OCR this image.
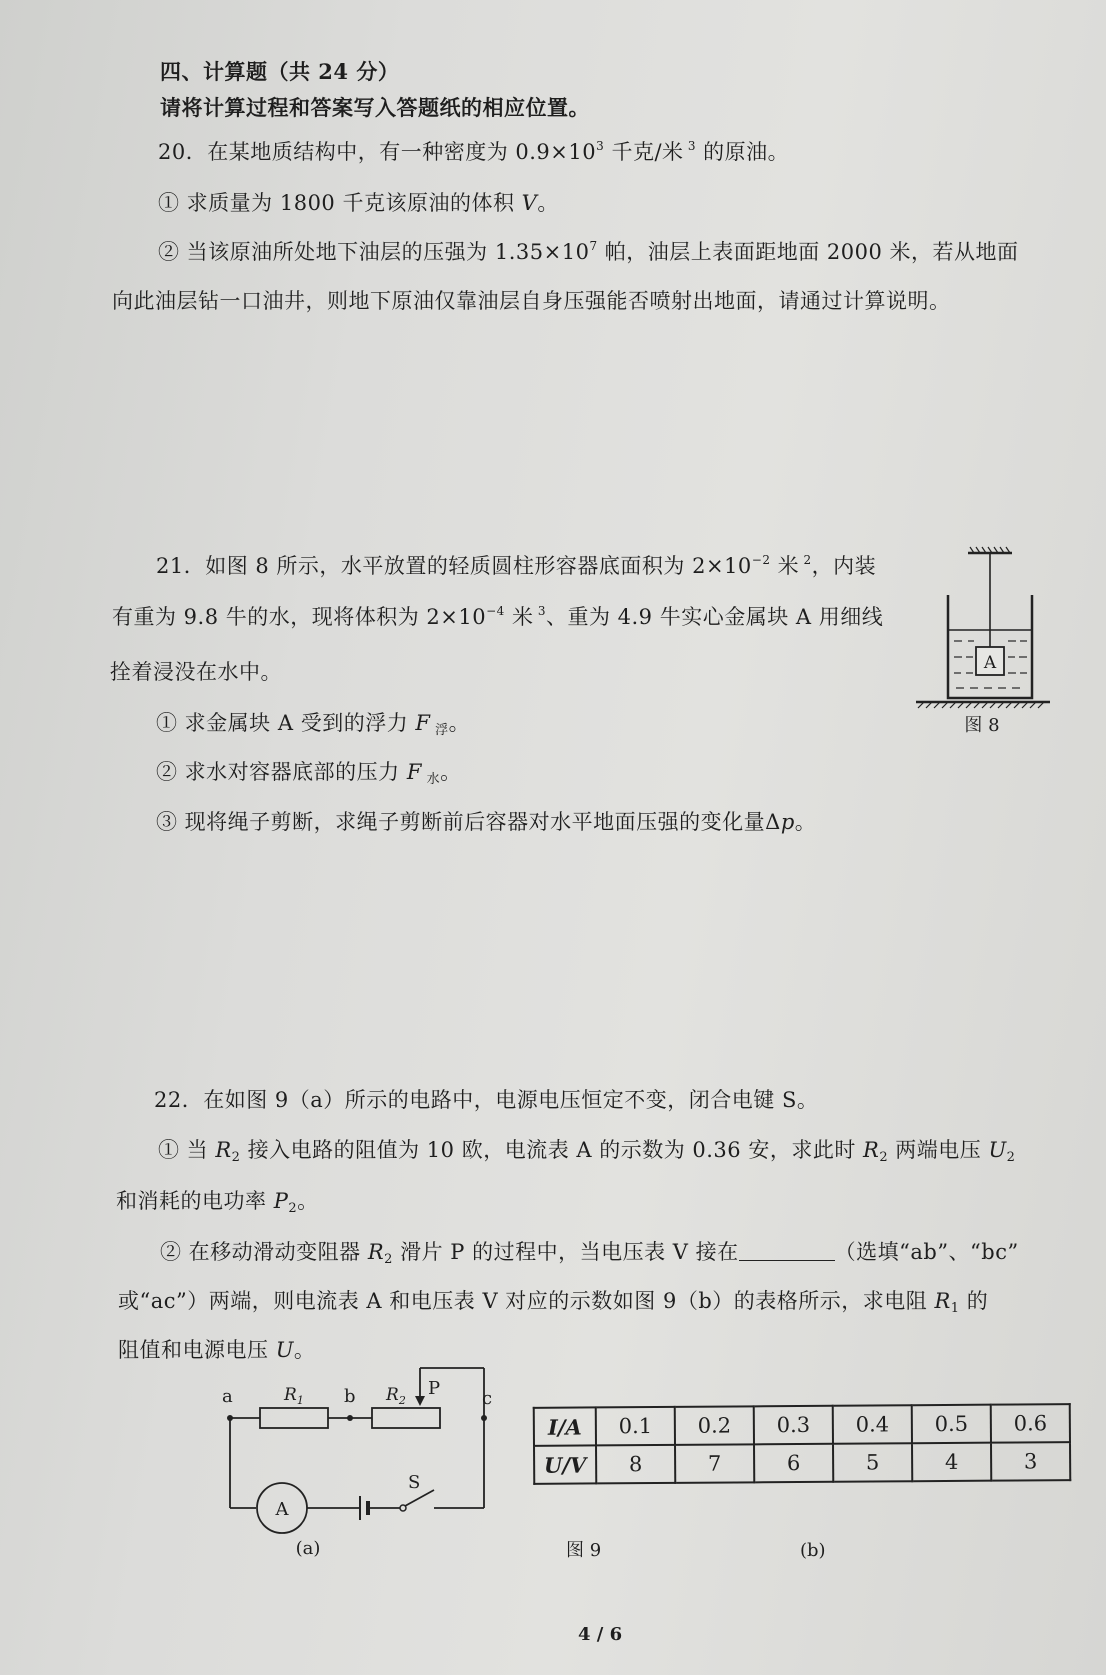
四、计算题（共 24 分）
请将计算过程和答案写入答题纸的相应位置。
20．在某地质结构中，有一种密度为 $0.9\times 10^3$ 千克/米 $^3$ 的原油。
① 求质量为 1800 千克该原油的体积 V。
② 当该原油所处地下油层的压强为 $1.35\times 10^7$ 帕，油层上表面距地面 2000 米，若从地面
向此油层钻一口油井，则地下原油仅靠油层自身压强能否喷射出地面，请通过计算说明。
21．如图 8 所示，水平放置的轻质圆柱形容器底面积为 $2\times 10^{-2}$ 米 $^2$，内装
有重为 9.8 牛的水，现将体积为 $2\times 10^{-4}$ 米 $^3$、重为 4.9 牛实心金属块 A 用细线
拴着浸没在水中。
① 求金属块 A 受到的浮力 F $_浮$。
② 求水对容器底部的压力 F $_水$。
③ 现将绳子剪断，求绳子剪断前后容器对水平地面压强的变化量Δp。
A
图 8
22．在如图 9（a）所示的电路中，电源电压恒定不变，闭合电键 S。
① 当 $R_2$ 接入电路的阻值为 10 欧，电流表 A 的示数为 0.36 安，求此时 $R_2$ 两端电压 $U_2$
和消耗的电功率 $P_2$。
② 在移动滑动变阻器 $R_2$ 滑片 P 的过程中，当电压表 V 接在	（选填“ab”、“bc”
或“ac”）两端，则电流表 A 和电压表 V 对应的示数如图 9（b）的表格所示，求电阻 $R_1$ 的
阻值和电源电压 U。
a	b	c
$R_1$	$R_2$
P
A
S
(a)
I/A	0.1	0.2	0.3	0.4	0.5	0.6
U/V	8	7	6	5	4	3
图 9	(b)
4 / 6
